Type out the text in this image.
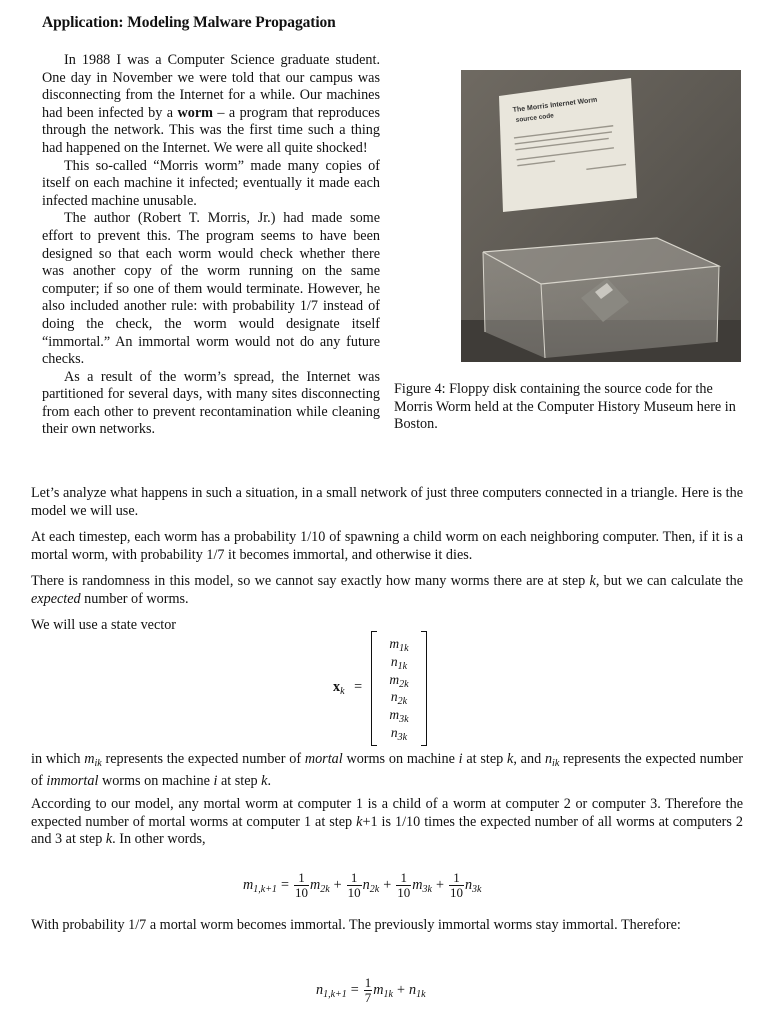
Application: Modeling Malware Propagation

In 1988 I was a Computer Science graduate student. One day in November we were told that our campus was disconnecting from the Internet for a while. Our machines had been infected by a worm – a program that reproduces through the network. This was the first time such a thing had happened on the Internet. We were all quite shocked!

This so-called “Morris worm” made many copies of itself on each machine it infected; eventually it made each infected machine unusable.

The author (Robert T. Morris, Jr.) had made some effort to prevent this. The program seems to have been designed so that each worm would check whether there was another copy of the worm running on the same computer; if so one of them would terminate. However, he also included another rule: with probability 1/7 instead of doing the check, the worm would designate itself “immortal.” An immortal worm would not do any future checks.

As a result of the worm’s spread, the Internet was partitioned for several days, with many sites disconnecting from each other to prevent recontamination while cleaning their own networks.

The Morris Internet Worm
source code
Figure 4: Floppy disk containing the source code for the Morris Worm held at the Computer History Museum here in Boston.

Let’s analyze what happens in such a situation, in a small network of just three computers connected in a triangle. Here is the model we will use.

At each timestep, each worm has a probability 1/10 of spawning a child worm on each neighboring computer. Then, if it is a mortal worm, with probability 1/7 it becomes immortal, and otherwise it dies.

There is randomness in this model, so we cannot say exactly how many worms there are at step k, but we can calculate the expected number of worms.

We will use a state vector

$x_k$ =
$m_{1k}$
$n_{1k}$
$m_{2k}$
$n_{2k}$
$m_{3k}$
$n_{3k}$

in which $m_{ik}$ represents the expected number of mortal worms on machine i at step k, and $n_{ik}$ represents the expected number of immortal worms on machine i at step k.

According to our model, any mortal worm at computer 1 is a child of a worm at computer 2 or computer 3. Therefore the expected number of mortal worms at computer 1 at step k+1 is 1/10 times the expected number of all worms at computers 2 and 3 at step k. In other words,

$m_{1,k+1} = \frac{1}{10} m_{2k} + \frac{1}{10} n_{2k} + \frac{1}{10} m_{3k} + \frac{1}{10} n_{3k}$

With probability 1/7 a mortal worm becomes immortal. The previously immortal worms stay immortal. Therefore:

$n_{1,k+1} = \frac{1}{7} m_{1k} + n_{1k}$
